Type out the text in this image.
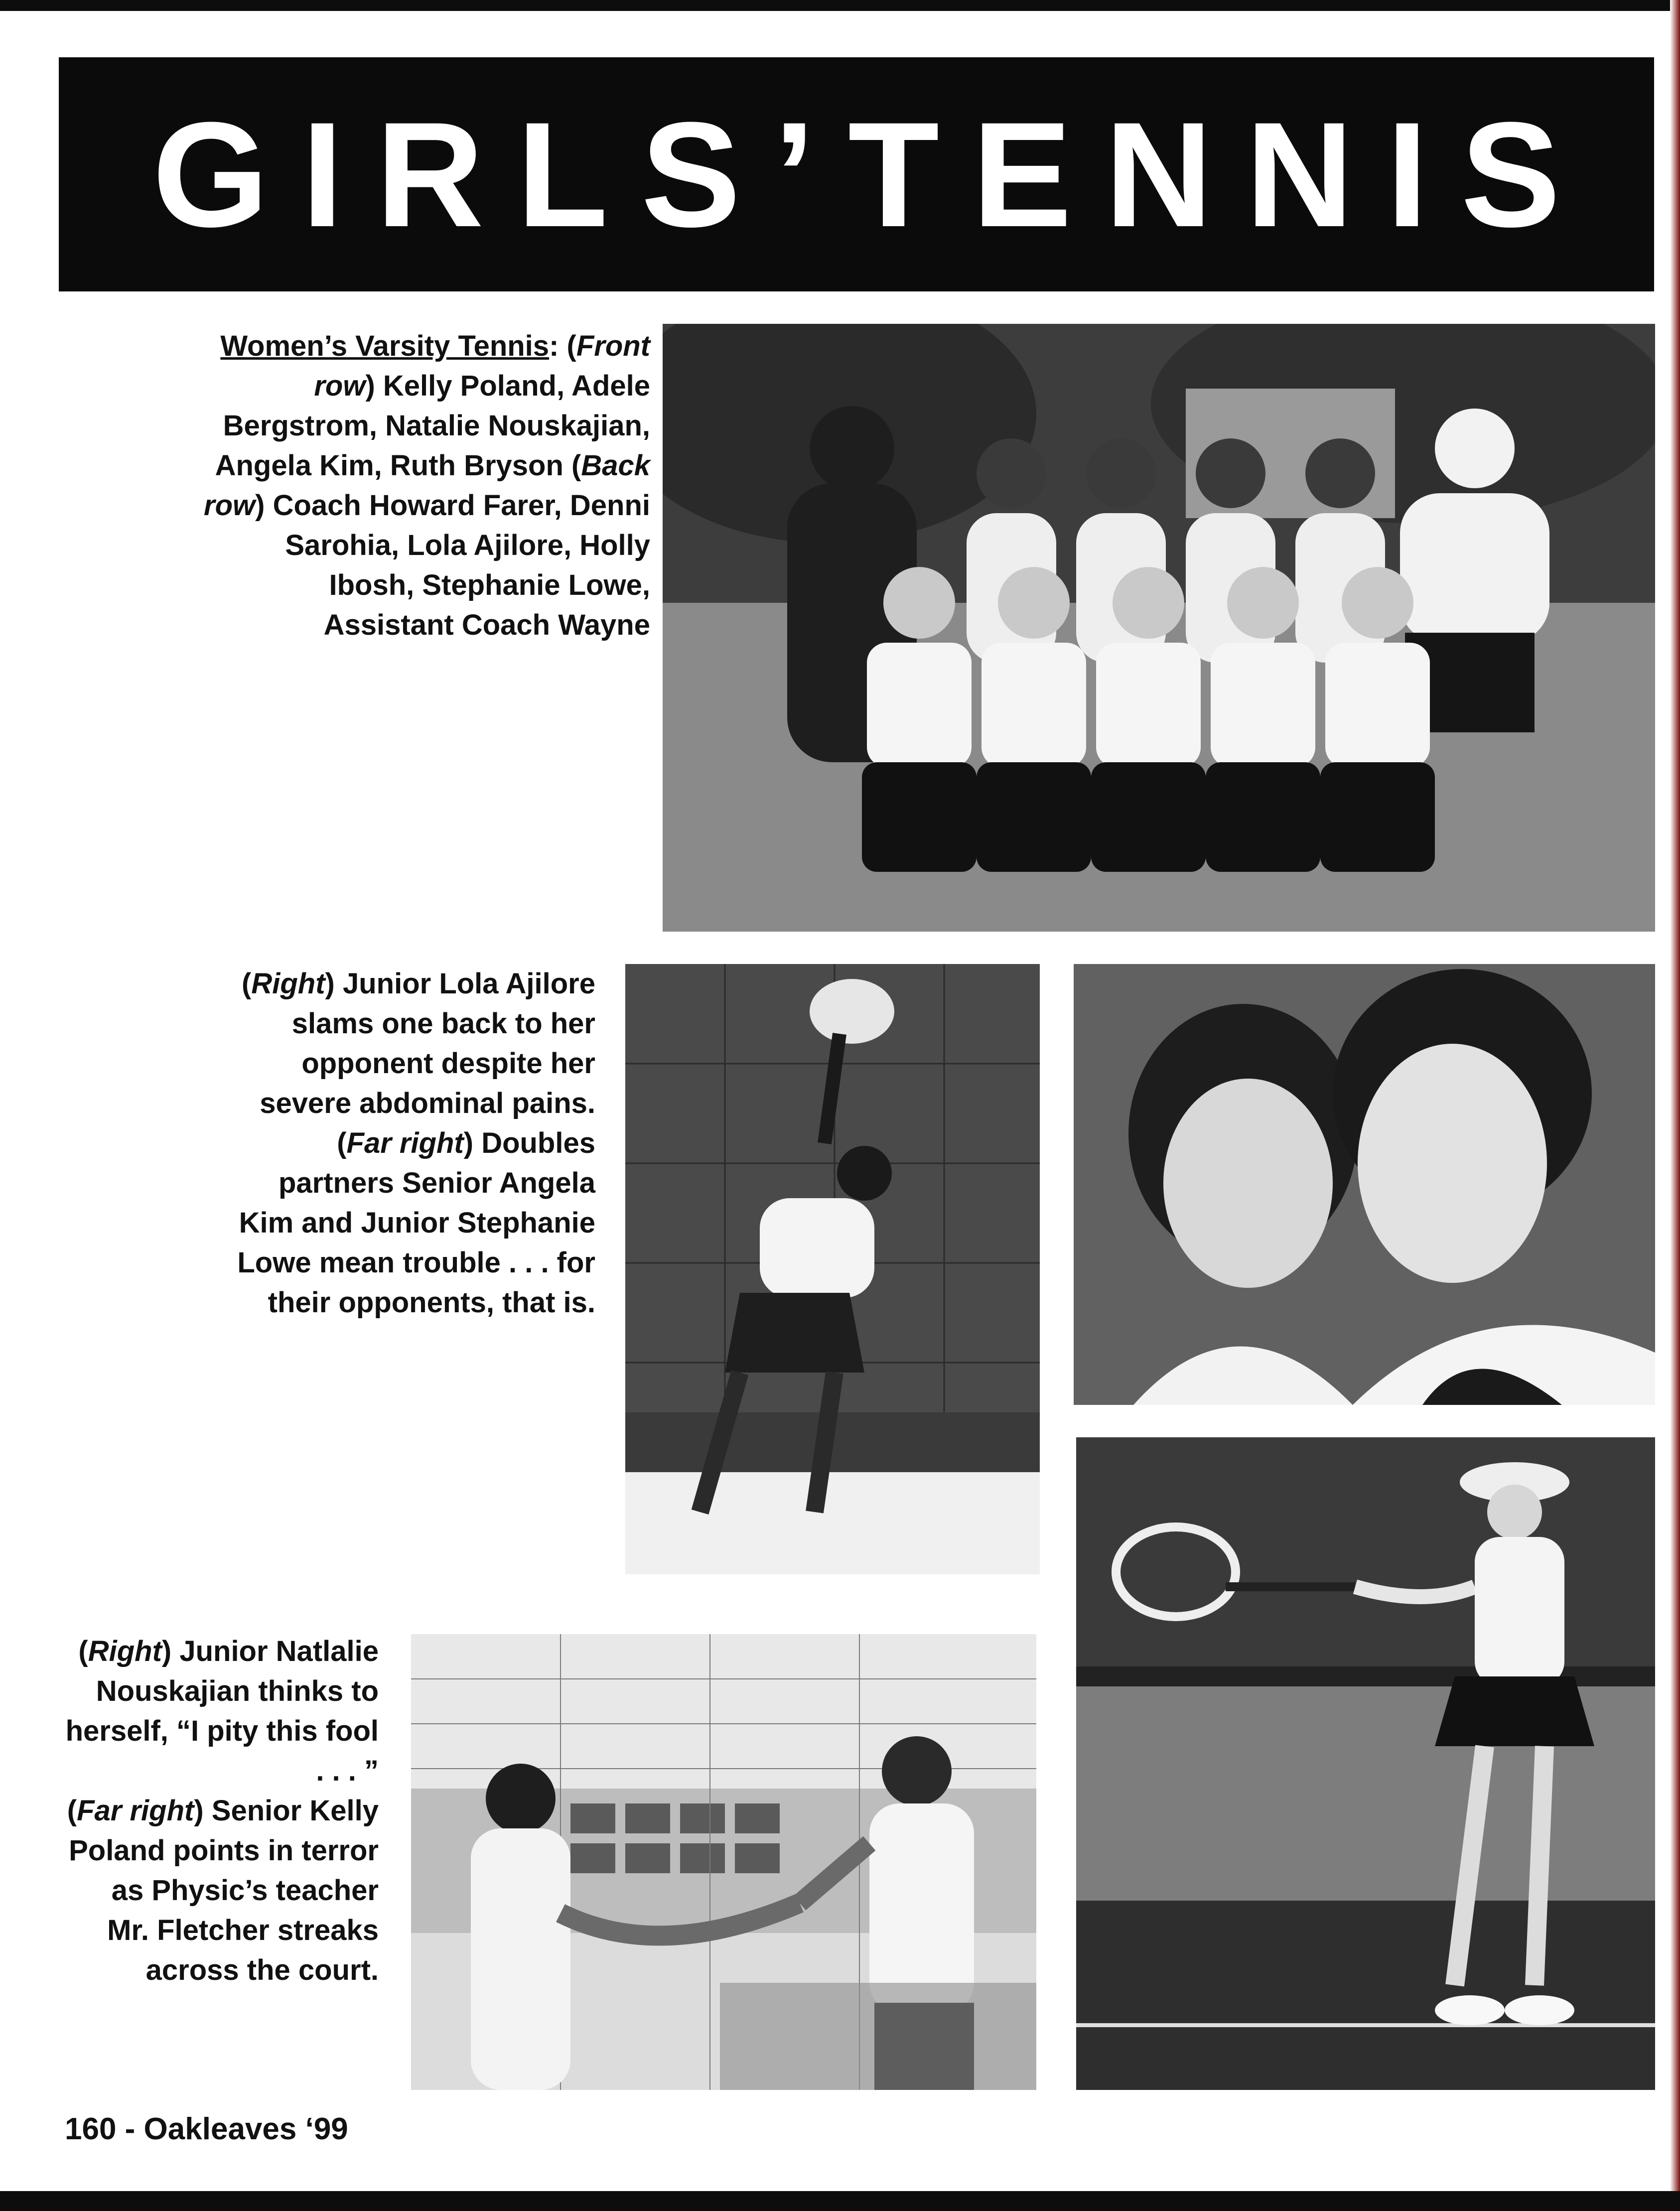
GIRLS’TENNIS

Women’s Varsity Tennis: (Front row) Kelly Poland, Adele Bergstrom, Natalie Nouskajian, Angela Kim, Ruth Bryson (Back row) Coach Howard Farer, Denni Sarohia, Lola Ajilore, Holly Ibosh, Stephanie Lowe, Assistant Coach Wayne

(Right) Junior Lola Ajilore slams one back to her opponent despite her severe abdominal pains.

(Far right) Doubles partners Senior Angela Kim and Junior Stephanie Lowe mean trouble . . . for their opponents, that is.

(Right) Junior Natlalie Nouskajian thinks to herself, “I pity this fool . . . ”

(Far right) Senior Kelly Poland points in terror as Physic’s teacher Mr. Fletcher streaks across the court.

160 - Oakleaves ‘99
